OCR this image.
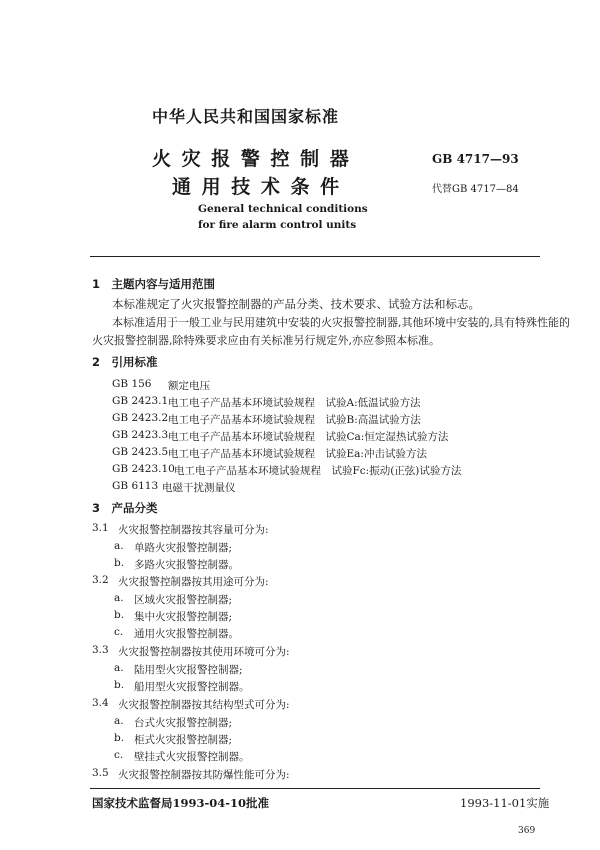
中华人民共和国国家标准
火 灾 报 警 控 制 器
通 用 技 术 条 件
GB 4717—93
代替GB 4717—84
General technical conditions
for fire alarm control units
1　主题内容与适用范围
本标准规定了火灾报警控制器的产品分类、技术要求、试验方法和标志。
本标准适用于一般工业与民用建筑中安装的火灾报警控制器,其他环境中安装的,具有特殊性能的
火灾报警控制器,除特殊要求应由有关标准另行规定外,亦应参照本标准。
2　引用标准
GB 156 额定电压
GB 2423.1 电工电子产品基本环境试验规程　试验A:低温试验方法
GB 2423.2 电工电子产品基本环境试验规程　试验B:高温试验方法
GB 2423.3 电工电子产品基本环境试验规程　试验Ca:恒定湿热试验方法
GB 2423.5 电工电子产品基本环境试验规程　试验Ea:冲击试验方法
GB 2423.10 电工电子产品基本环境试验规程　试验Fc:振动(正弦)试验方法
GB 6113 电磁干扰测量仪
3　产品分类
3.1 火灾报警控制器按其容量可分为:
a. 单路火灾报警控制器;
b. 多路火灾报警控制器。
3.2 火灾报警控制器按其用途可分为:
a. 区域火灾报警控制器;
b. 集中火灾报警控制器;
c. 通用火灾报警控制器。
3.3 火灾报警控制器按其使用环境可分为:
a. 陆用型火灾报警控制器;
b. 船用型火灾报警控制器。
3.4 火灾报警控制器按其结构型式可分为:
a. 台式火灾报警控制器;
b. 柜式火灾报警控制器;
c. 壁挂式火灾报警控制器。
3.5 火灾报警控制器按其防爆性能可分为:
国家技术监督局1993-04-10批准	1993-11-01实施
369
